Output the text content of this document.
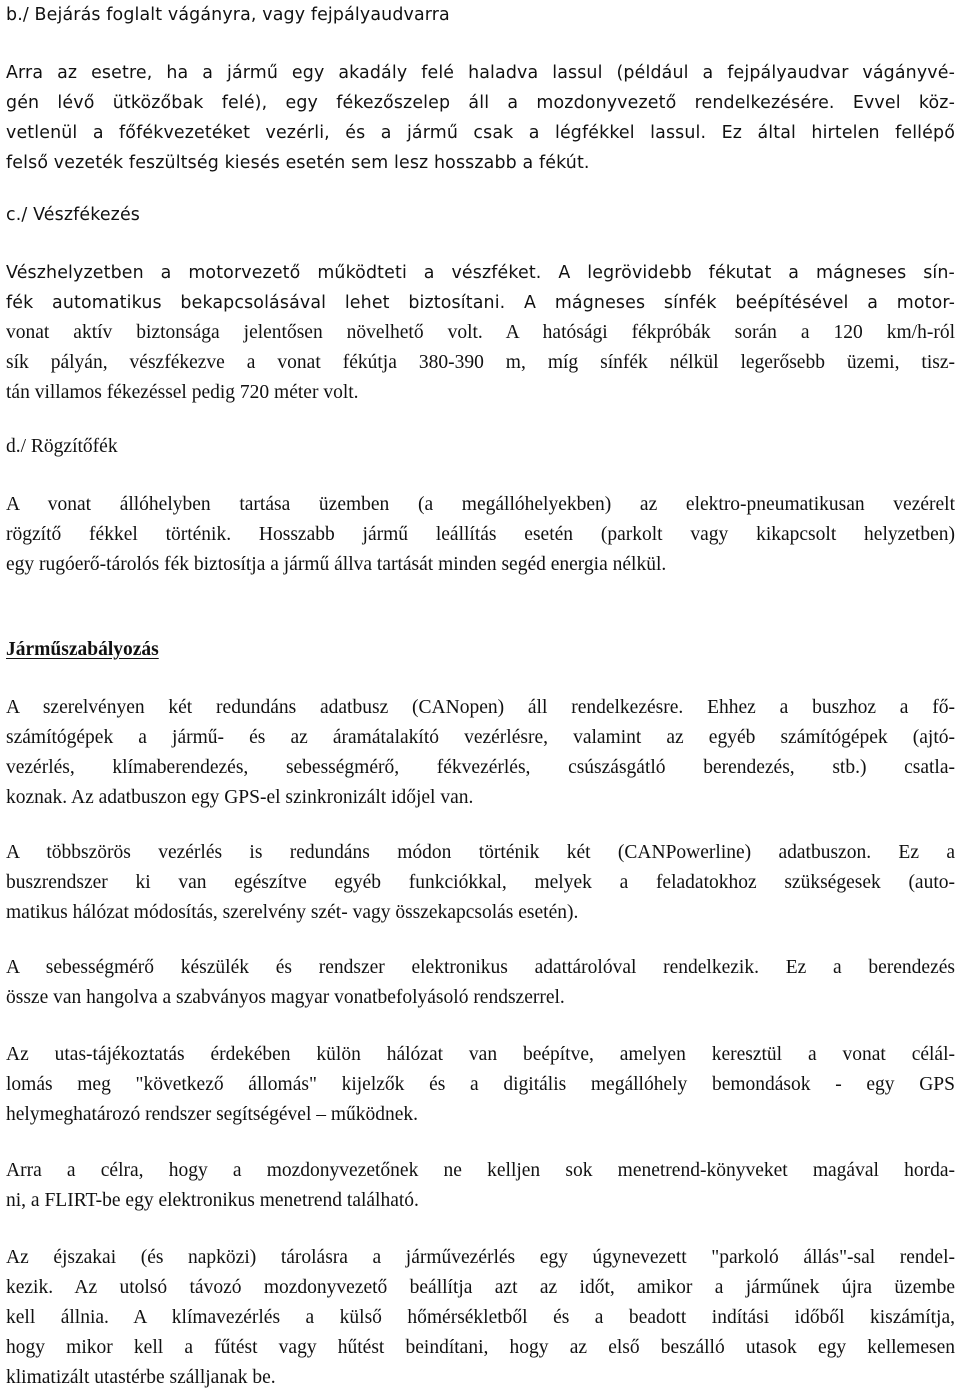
b./ Bejárás foglalt vágányra, vagy fejpályaudvarra
Arra az esetre, ha a jármű egy akadály felé haladva lassul (például a fejpályaudvar vágányvé-
gén lévő ütközőbak felé), egy fékezőszelep áll a mozdonyvezető rendelkezésére. Evvel köz-
vetlenül a főfékvezetéket vezérli, és a jármű csak a légfékkel lassul. Ez által hirtelen fellépő
felső vezeték feszültség kiesés esetén sem lesz hosszabb a fékút.
c./ Vészfékezés
Vészhelyzetben a motorvezető működteti a vészféket. A legrövidebb fékutat a mágneses sín-
fék automatikus bekapcsolásával lehet biztosítani. A mágneses sínfék beépítésével a motor-
vonat aktív biztonsága jelentősen növelhető volt. A hatósági fékpróbák során a 120 km/h-ról
sík pályán, vészfékezve a vonat fékútja 380-390 m, míg sínfék nélkül legerősebb üzemi, tisz-
tán villamos fékezéssel pedig 720 méter volt.
d./ Rögzítőfék
A vonat állóhelyben tartása üzemben (a megállóhelyekben) az elektro-pneumatikusan vezérelt
rögzítő fékkel történik. Hosszabb jármű leállítás esetén (parkolt vagy kikapcsolt helyzetben)
egy rugóerő-tárolós fék biztosítja a jármű állva tartását minden segéd energia nélkül.
Járműszabályozás
A szerelvényen két redundáns adatbusz (CANopen) áll rendelkezésre. Ehhez a buszhoz a fő-
számítógépek a jármű- és az áramátalakító vezérlésre, valamint az egyéb számítógépek (ajtó-
vezérlés, klímaberendezés, sebességmérő, fékvezérlés, csúszásgátló berendezés, stb.) csatla-
koznak. Az adatbuszon egy GPS-el szinkronizált időjel van.
A többszörös vezérlés is redundáns módon történik két (CANPowerline) adatbuszon. Ez a
buszrendszer ki van egészítve egyéb funkciókkal, melyek a feladatokhoz szükségesek (auto-
matikus hálózat módosítás, szerelvény szét- vagy összekapcsolás esetén).
A sebességmérő készülék és rendszer elektronikus adattárolóval rendelkezik. Ez a berendezés
össze van hangolva a szabványos magyar vonatbefolyásoló rendszerrel.
Az utas-tájékoztatás érdekében külön hálózat van beépítve, amelyen keresztül a vonat célál-
lomás meg "következő állomás" kijelzők és a digitális megállóhely bemondások - egy GPS
helymeghatározó rendszer segítségével – működnek.
Arra a célra, hogy a mozdonyvezetőnek ne kelljen sok menetrend-könyveket magával hordа-
ni, a FLIRT-be egy elektronikus menetrend található.
Az éjszakai (és napközi) tárolásra a járművezérlés egy úgynevezett "parkoló állás"-sal rendel-
kezik. Az utolsó távozó mozdonyvezető beállítja azt az időt, amikor a járműnek újra üzembe
kell állnia. A klímavezérlés a külső hőmérsékletből és a beadott indítási időből kiszámítja,
hogy mikor kell a fűtést vagy hűtést beindítani, hogy az első beszálló utasok egy kellemesen
klimatizált utastérbe szálljanak be.
